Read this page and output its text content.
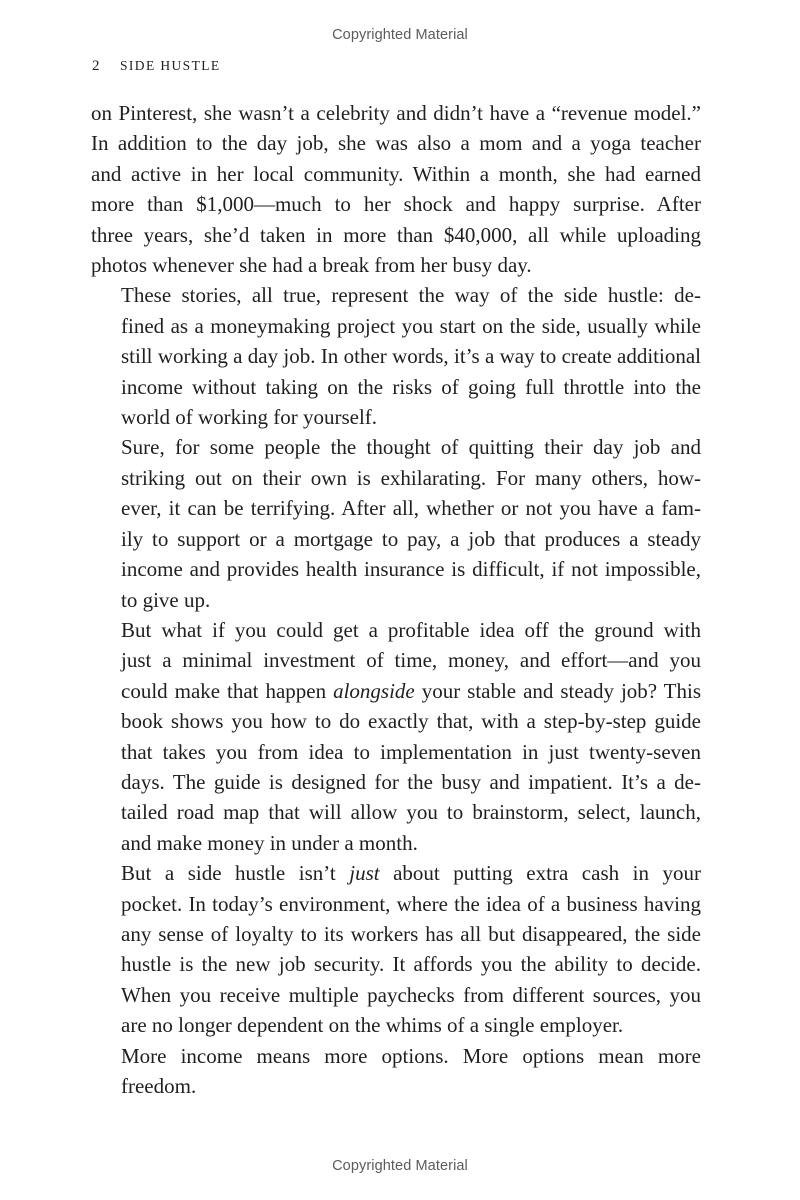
Copyrighted Material
2 SIDE HUSTLE
on Pinterest, she wasn’t a celebrity and didn’t have a “revenue model.”
In addition to the day job, she was also a mom and a yoga teacher
and active in her local community. Within a month, she had earned
more than $1,000—much to her shock and happy surprise. After
three years, she’d taken in more than $40,000, all while uploading
photos whenever she had a break from her busy day.
These stories, all true, represent the way of the side hustle: de-
fined as a moneymaking project you start on the side, usually while
still working a day job. In other words, it’s a way to create additional
income without taking on the risks of going full throttle into the
world of working for yourself.
Sure, for some people the thought of quitting their day job and
striking out on their own is exhilarating. For many others, how-
ever, it can be terrifying. After all, whether or not you have a fam-
ily to support or a mortgage to pay, a job that produces a steady
income and provides health insurance is difficult, if not impossible,
to give up.
But what if you could get a profitable idea off the ground with
just a minimal investment of time, money, and effort—and you
could make that happen alongside your stable and steady job? This
book shows you how to do exactly that, with a step-by-step guide
that takes you from idea to implementation in just twenty-seven
days. The guide is designed for the busy and impatient. It’s a de-
tailed road map that will allow you to brainstorm, select, launch,
and make money in under a month.
But a side hustle isn’t just about putting extra cash in your
pocket. In today’s environment, where the idea of a business having
any sense of loyalty to its workers has all but disappeared, the side
hustle is the new job security. It affords you the ability to decide.
When you receive multiple paychecks from different sources, you
are no longer dependent on the whims of a single employer.
More income means more options. More options mean more
freedom.
Copyrighted Material
